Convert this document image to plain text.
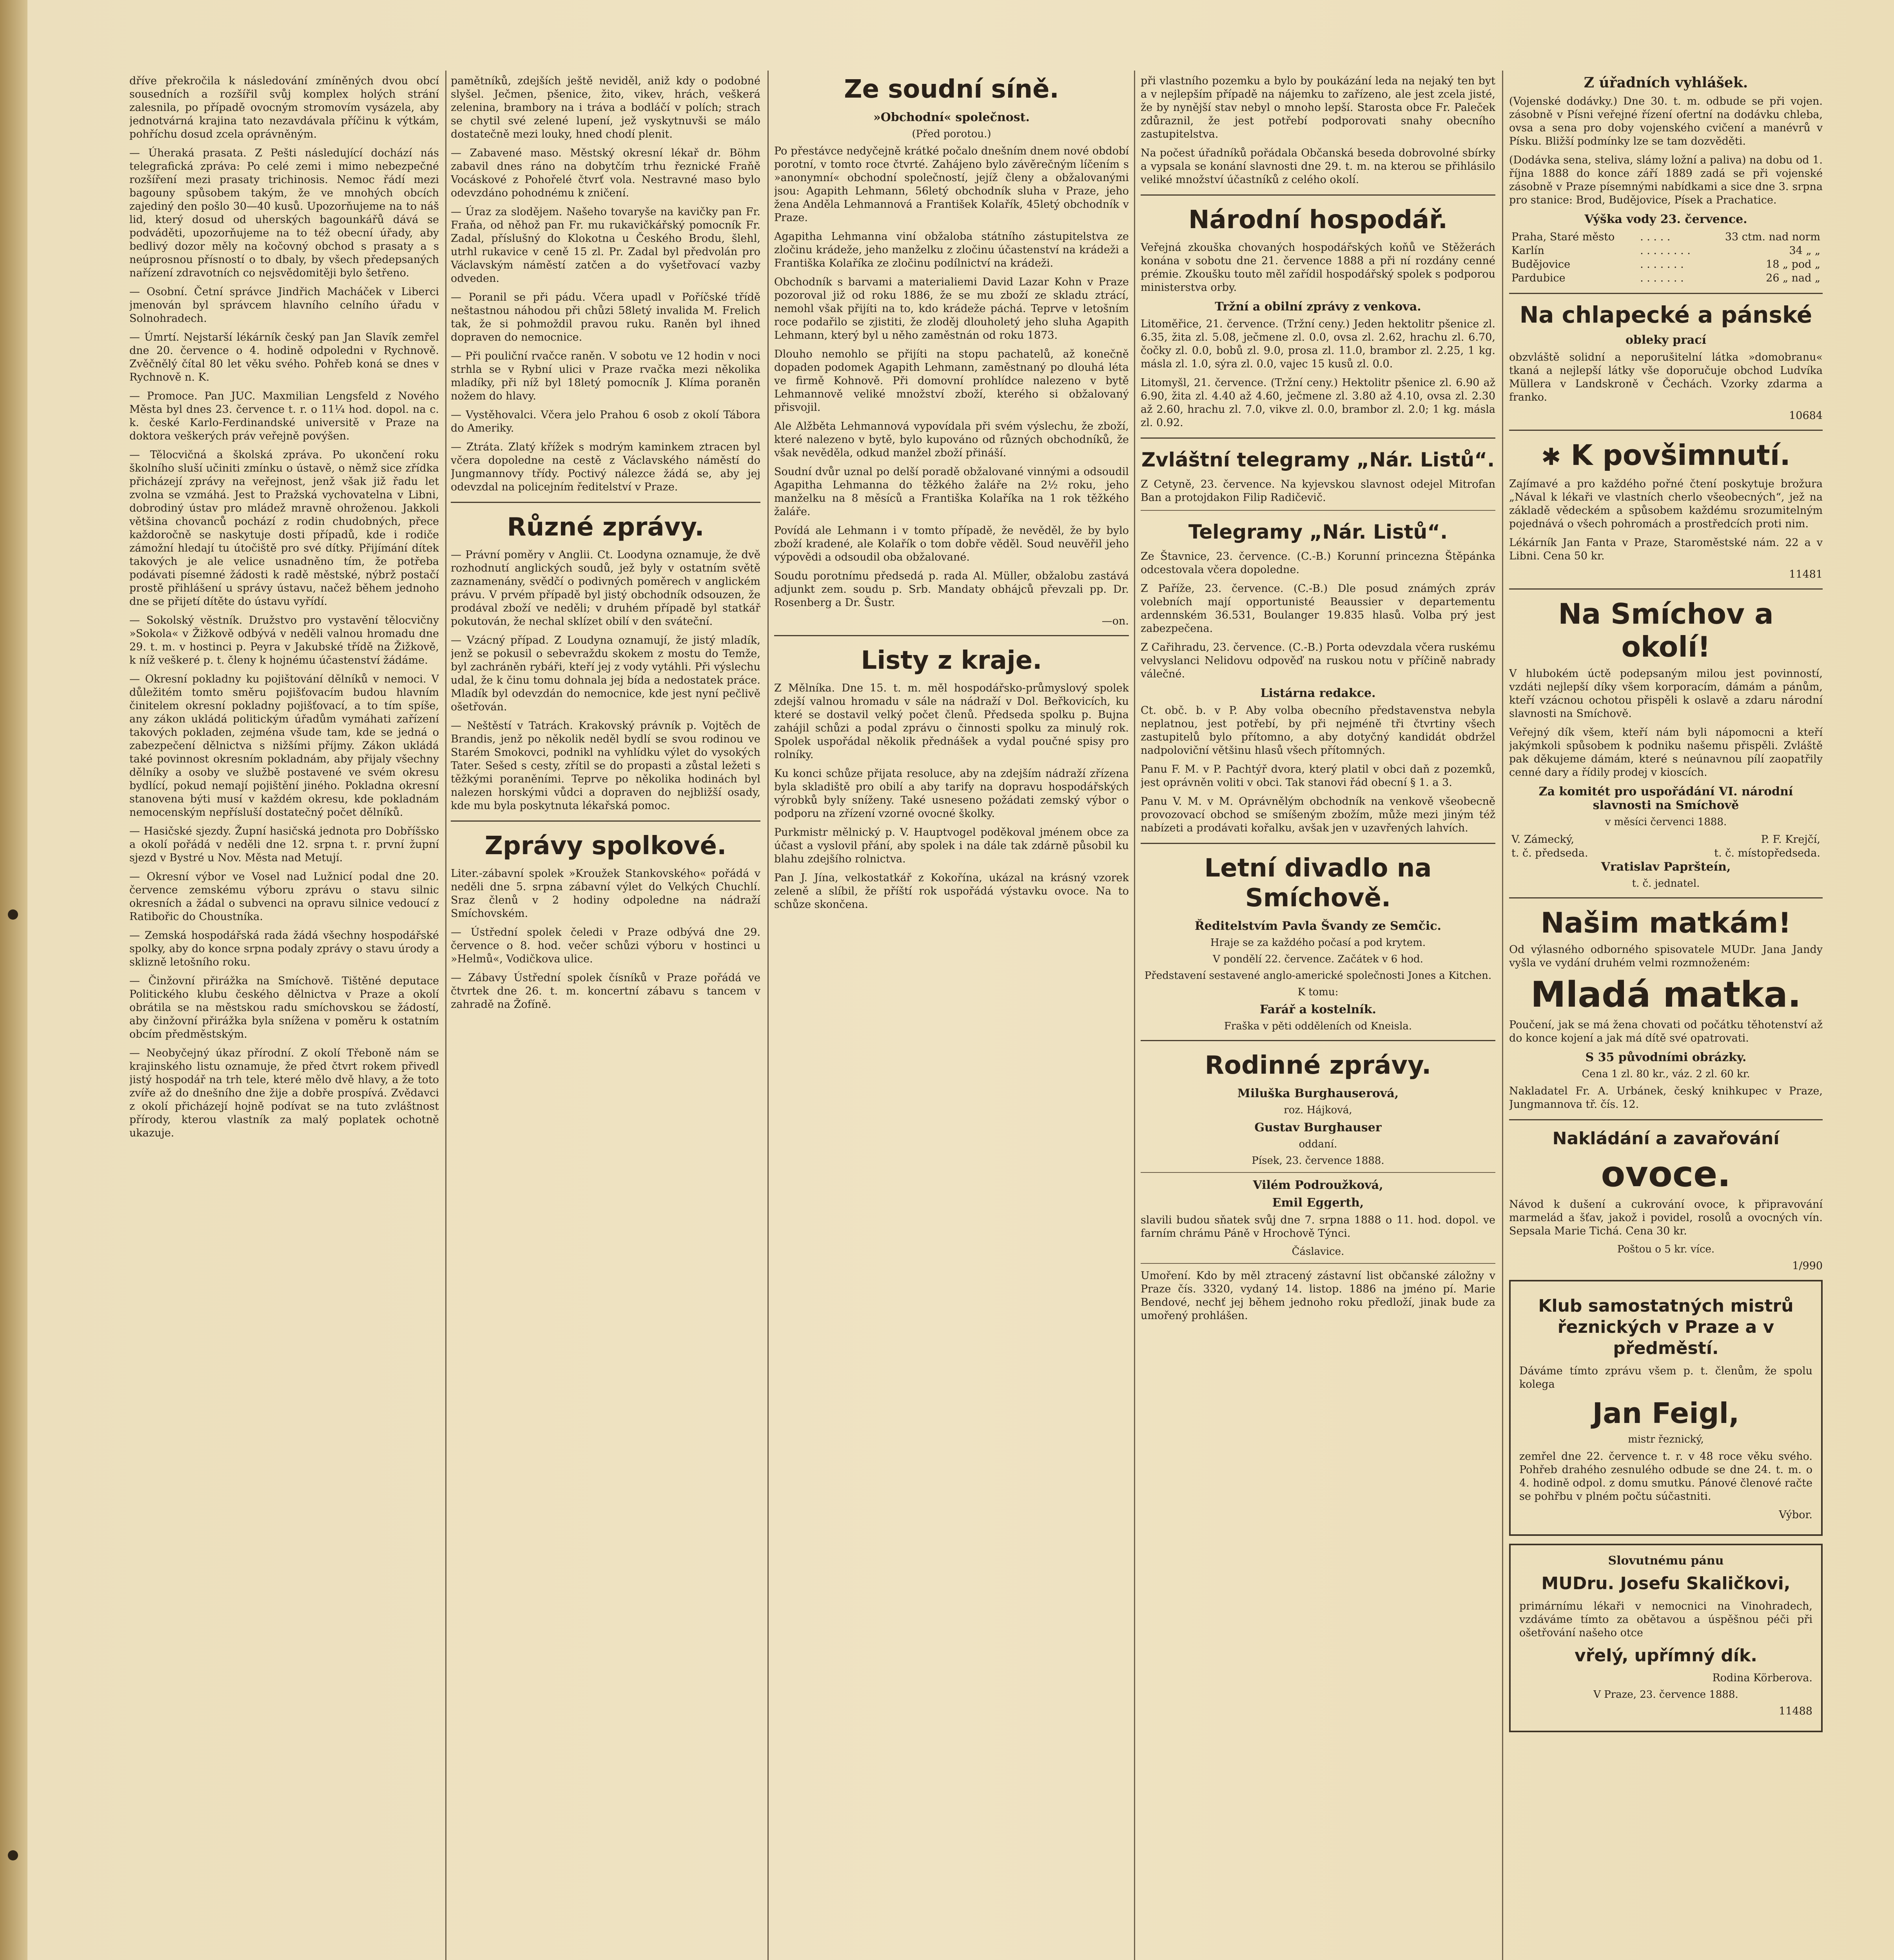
dříve překročila k následování zmíněných dvou obcí sousedních a rozšířil svůj komplex holých strání zalesnila, po případě ovocným stromovím vysázela, aby jednotvárná krajina tato nezavdávala příčinu k výtkám, pohříchu dosud zcela oprávněným.

— Úheraká prasata. Z Pešti následující dochází nás telegrafická zpráva: Po celé zemi i mimo nebezpečné rozšíření mezi prasaty trichinosis. Nemoc řádí mezi bagouny spůsobem takým, že ve mnohých obcích zajediný den pošlo 30—40 kusů. Upozorňujeme na to náš lid, který dosud od uherských bagounkářů dává se podváděti, upozorňujeme na to též obecní úřady, aby bedlivý dozor měly na kočovný obchod s prasaty a s neúprosnou přísností o to dbaly, by všech předepsaných nařízení zdravotních co nejsvědomitěji bylo šetřeno.

— Osobní. Četní správce Jindřich Macháček v Liberci jmenován byl správcem hlavního celního úřadu v Solnohradech.

— Úmrtí. Nejstarší lékárník český pan Jan Slavík zemřel dne 20. července o 4. hodině odpoledni v Rychnově. Zvěčnělý čítal 80 let věku svého. Pohřeb koná se dnes v Rychnově n. K.

— Promoce. Pan JUC. Maxmilian Lengsfeld z Nového Města byl dnes 23. července t. r. o 11¼ hod. dopol. na c. k. české Karlo-Ferdinandské universitě v Praze na doktora veškerých práv veřejně povýšen.

— Tělocvičná a školská zpráva. Po ukončení roku školního sluší učiniti zmínku o ústavě, o němž sice zřídka přicházejí zprávy na veřejnost, jenž však již řadu let zvolna se vzmáhá. Jest to Pražská vychovatelna v Libni, dobrodiný ústav pro mládež mravně ohroženou. Jakkoli většina chovanců pochází z rodin chudobných, přece každoročně se naskytuje dosti případů, kde i rodiče zámožní hledají tu útočiště pro své dítky. Přijímání dítek takových je ale velice usnadněno tím, že potřeba podávati písemné žádosti k radě městské, nýbrž postačí prostě přihlášení u správy ústavu, načež během jednoho dne se přijetí dítěte do ústavu vyřídí.

— Sokolský věstník. Družstvo pro vystavění tělocvičny »Sokola« v Žižkově odbývá v neděli valnou hromadu dne 29. t. m. v hostinci p. Peyra v Jakubské třídě na Žižkově, k níž veškeré p. t. členy k hojnému účastenství žádáme.

— Okresní pokladny ku pojištování dělníků v nemoci. V důležitém tomto směru pojišťovacím budou hlavním činitelem okresní pokladny pojišťovací, a to tím spíše, any zákon ukládá politickým úřadům vymáhati zařízení takových pokladen, zejména všude tam, kde se jedná o zabezpečení dělnictva s nižšími příjmy. Zákon ukládá také povinnost okresním pokladnám, aby přijaly všechny dělníky a osoby ve službě postavené ve svém okresu bydlící, pokud nemají pojištění jiného. Pokladna okresní stanovena býti musí v každém okresu, kde pokladnám nemocenským nepřísluší dostatečný počet dělníků.

— Hasičské sjezdy. Župní hasičská jednota pro Dobříšsko a okolí pořádá v neděli dne 12. srpna t. r. první župní sjezd v Bystré u Nov. Města nad Metují.

— Okresní výbor ve Vosel nad Lužnicí podal dne 20. července zemskému výboru zprávu o stavu silnic okresních a žádal o subvenci na opravu silnice vedoucí z Ratibořic do Choustníka.

— Zemská hospodářská rada žádá všechny hospodářské spolky, aby do konce srpna podaly zprávy o stavu úrody a sklizně letošního roku.

— Činžovní přirážka na Smíchově. Tištěné deputace Politického klubu českého dělnictva v Praze a okolí obrátila se na městskou radu smíchovskou se žádostí, aby činžovní přirážka byla snížena v poměru k ostatním obcím předměstským.

— Neobyčejný úkaz přírodní. Z okolí Třeboně nám se krajinského listu oznamuje, že před čtvrt rokem přivedl jistý hospodář na trh tele, které mělo dvě hlavy, a že toto zvíře až do dnešního dne žije a dobře prospívá. Zvědavci z okolí přicházejí hojně podívat se na tuto zvláštnost přírody, kterou vlastník za malý poplatek ochotně ukazuje.

pamětníků, zdejších ještě neviděl, aniž kdy o podobné slyšel. Ječmen, pšenice, žito, vikev, hrách, veškerá zelenina, brambory na i tráva a bodláčí v polích; strach se chytil své zelené lupení, jež vyskytnuvši se málo dostatečně mezi louky, hned chodí plenit.

— Zabavené maso. Městský okresní lékař dr. Böhm zabavil dnes ráno na dobytčím trhu řeznické Fraňě Vocáskové z Pohořelé čtvrť vola. Nestravné maso bylo odevzdáno pohodnému k zničení.

— Úraz za slodějem. Našeho tovaryše na kavičky pan Fr. Fraňa, od něhož pan Fr. mu rukavičkářský pomocník Fr. Zadal, příslušný do Klokotna u Českého Brodu, šlehl, utrhl rukavice v ceně 15 zl. Pr. Zadal byl předvolán pro Václavským náměstí zatčen a do vyšetřovací vazby odveden.

— Poranil se při pádu. Včera upadl v Poříčské třídě neštastnou náhodou při chůzi 58letý invalida M. Frelich tak, že si pohmoždil pravou ruku. Raněn byl ihned dopraven do nemocnice.

— Při pouliční rvačce raněn. V sobotu ve 12 hodin v noci strhla se v Rybní ulici v Praze rvačka mezi několika mladíky, při níž byl 18letý pomocník J. Klíma poraněn nožem do hlavy.

— Vystěhovalci. Včera jelo Prahou 6 osob z okolí Tábora do Ameriky.

— Ztráta. Zlatý křížek s modrým kaminkem ztracen byl včera dopoledne na cestě z Václavského náměstí do Jungmannovy třídy. Poctivý nálezce žádá se, aby jej odevzdal na policejním ředitelství v Praze.

Různé zprávy.

— Právní poměry v Anglii. Ct. Loodyna oznamuje, že dvě rozhodnutí anglických soudů, jež byly v ostatním světě zaznamenány, svědčí o podivných poměrech v anglickém právu. V prvém případě byl jistý obchodník odsouzen, že prodával zboží ve neděli; v druhém případě byl statkář pokutován, že nechal sklízet obilí v den sváteční.

— Vzácný případ. Z Loudyna oznamují, že jistý mladík, jenž se pokusil o sebevraždu skokem z mostu do Temže, byl zachráněn rybáři, kteří jej z vody vytáhli. Při výslechu udal, že k činu tomu dohnala jej bída a nedostatek práce. Mladík byl odevzdán do nemocnice, kde jest nyní pečlivě ošetřován.

— Neštěstí v Tatrách. Krakovský právník p. Vojtěch de Brandis, jenž po několik neděl bydlí se svou rodinou ve Starém Smokovci, podnikl na vyhlídku výlet do vysokých Tater. Sešed s cesty, zřítil se do propasti a zůstal ležeti s těžkými poraněními. Teprve po několika hodinách byl nalezen horskými vůdci a dopraven do nejbližší osady, kde mu byla poskytnuta lékařská pomoc.

Zprávy spolkové.

Liter.-zábavní spolek »Kroužek Stankovského« pořádá v neděli dne 5. srpna zábavní výlet do Velkých Chuchlí. Sraz členů v 2 hodiny odpoledne na nádraží Smíchovském.

— Ústřední spolek čeledi v Praze odbývá dne 29. července o 8. hod. večer schůzi výboru v hostinci u »Helmů«, Vodičkova ulice.

— Zábavy Ústřední spolek čísníků v Praze pořádá ve čtvrtek dne 26. t. m. koncertní zábavu s tancem v zahradě na Žofíně.

Ze soudní síně.
»Obchodní« společnost.
(Před porotou.)

Po přestávce nedyčejně krátké počalo dnešním dnem nové období porotní, v tomto roce čtvrté. Zahájeno bylo závěrečným líčením s »anonymní« obchodní společností, jejíž členy a obžalovanými jsou: Agapith Lehmann, 56letý obchodník sluha v Praze, jeho žena Anděla Lehmannová a František Kolařík, 45letý obchodník v Praze.

Agapitha Lehmanna viní obžaloba státního zástupitelstva ze zločinu krádeže, jeho manželku z zločinu účastenství na krádeži a Františka Kolaříka ze zločinu podílnictví na krádeži.

Obchodník s barvami a materialiemi David Lazar Kohn v Praze pozoroval již od roku 1886, že se mu zboží ze skladu ztrácí, nemohl však přijíti na to, kdo krádeže páchá. Teprve v letošním roce podařilo se zjistiti, že zloděj dlouholetý jeho sluha Agapith Lehmann, který byl u něho zaměstnán od roku 1873.

Dlouho nemohlo se přijíti na stopu pachatelů, až konečně dopaden podomek Agapith Lehmann, zaměstnaný po dlouhá léta ve firmě Kohnově. Při domovní prohlídce nalezeno v bytě Lehmannově veliké množství zboží, kterého si obžalovaný přisvojil.

Ale Alžběta Lehmannová vypovídala při svém výslechu, že zboží, které nalezeno v bytě, bylo kupováno od různých obchodníků, že však nevěděla, odkud manžel zboží přináší.

Soudní dvůr uznal po delší poradě obžalované vinnými a odsoudil Agapitha Lehmanna do těžkého žaláře na 2½ roku, jeho manželku na 8 měsíců a Františka Kolaříka na 1 rok těžkého žaláře.

Povídá ale Lehmann i v tomto případě, že nevěděl, že by bylo zboží kradené, ale Kolařík o tom dobře věděl. Soud neuvěřil jeho výpovědi a odsoudil oba obžalované.

Soudu porotnímu předsedá p. rada Al. Müller, obžalobu zastává adjunkt zem. soudu p. Srb. Mandaty obhájců převzali pp. Dr. Rosenberg a Dr. Šustr.

—on.
Listy z kraje.

Z Mělníka. Dne 15. t. m. měl hospodářsko-průmyslový spolek zdejší valnou hromadu v sále na nádraží v Dol. Beřkovicích, ku které se dostavil velký počet členů. Předseda spolku p. Bujna zahájil schůzi a podal zprávu o činnosti spolku za minulý rok. Spolek uspořádal několik přednášek a vydal poučné spisy pro rolníky.

Ku konci schůze přijata resoluce, aby na zdejším nádraží zřízena byla skladiště pro obilí a aby tarify na dopravu hospodářských výrobků byly sníženy. Také usneseno požádati zemský výbor o podporu na zřízení vzorné ovocné školky.

Purkmistr mělnický p. V. Hauptvogel poděkoval jménem obce za účast a vyslovil přání, aby spolek i na dále tak zdárně působil ku blahu zdejšího rolnictva.

Pan J. Jína, velkostatkář z Kokořína, ukázal na krásný vzorek zeleně a slíbil, že příští rok uspořádá výstavku ovoce. Na to schůze skončena.

při vlastního pozemku a bylo by poukázání leda na nejaký ten byt a v nejlepším případě na nájemku to zařízeno, ale jest zcela jisté, že by nynější stav nebyl o mnoho lepší. Starosta obce Fr. Paleček zdůraznil, že jest potřebí podporovati snahy obecního zastupitelstva.

Na počest úřadníků pořádala Občanská beseda dobrovolné sbírky a vypsala se konání slavnosti dne 29. t. m. na kterou se přihlásilo veliké množství účastníků z celého okolí.

Národní hospodář.

Veřejná zkouška chovaných hospodářských koňů ve Stěžerách konána v sobotu dne 21. července 1888 a při ní rozdány cenné prémie. Zkoušku touto měl zařídil hospodářský spolek s podporou ministerstva orby.

Tržní a obilní zprávy z venkova.

Litoměřice, 21. července. (Tržní ceny.) Jeden hektolitr pšenice zl. 6.35, žita zl. 5.08, ječmene zl. 0.0, ovsa zl. 2.62, hrachu zl. 6.70, čočky zl. 0.0, bobů zl. 9.0, prosa zl. 11.0, brambor zl. 2.25, 1 kg. másla zl. 1.0, sýra zl. 0.0, vajec 15 kusů zl. 0.0.

Litomyšl, 21. července. (Tržní ceny.) Hektolitr pšenice zl. 6.90 až 6.90, žita zl. 4.40 až 4.60, ječmene zl. 3.80 až 4.10, ovsa zl. 2.30 až 2.60, hrachu zl. 7.0, vikve zl. 0.0, brambor zl. 2.0; 1 kg. másla zl. 0.92.

Zvláštní telegramy „Nár. Listů“.

Z Cetyně, 23. července. Na kyjevskou slavnost odejel Mitrofan Ban a protojdakon Filip Radičevič.

Telegramy „Nár. Listů“.

Ze Štavnice, 23. července. (C.-B.) Korunní princezna Štěpánka odcestovala včera dopoledne.

Z Paříže, 23. července. (C.-B.) Dle posud známých zpráv volebních mají opportunisté Beaussier v departementu ardennském 36.531, Boulanger 19.835 hlasů. Volba prý jest zabezpečena.

Z Cařihradu, 23. července. (C.-B.) Porta odevzdala včera ruskému velvyslanci Nelidovu odpověď na ruskou notu v příčině nabrady válečné.

Listárna redakce.

Ct. obč. b. v P. Aby volba obecního představenstva nebyla neplatnou, jest potřebí, by při nejméně tři čtvrtiny všech zastupitelů bylo přítomno, a aby dotyčný kandidát obdržel nadpoloviční většinu hlasů všech přítomných.

Panu F. M. v P. Pachtýř dvora, který platil v obci daň z pozemků, jest oprávněn voliti v obci. Tak stanovi řád obecní § 1. a 3.

Panu V. M. v M. Oprávnělým obchodník na venkově všeobecně provozovací obchod se smíšeným zbožím, může mezi jiným též nabízeti a prodávati kořalku, avšak jen v uzavřených lahvích.

Letní divadlo na Smíchově.
Ředitelstvím Pavla Švandy ze Semčic.
Hraje se za každého počasí a pod krytem.
V pondělí 22. července. Začátek v 6 hod.
Představení sestavené anglo-americké společnosti Jones a Kitchen.
K tomu:
Farář a kostelník.
Fraška v pěti odděleních od Kneisla.
Rodinné zprávy.
Miluška Burghauserová,
roz. Hájková,
Gustav Burghauser
oddaní.
Písek, 23. července 1888.
Vilém Podroužková,
Emil Eggerth,

slavili budou sňatek svůj dne 7. srpna 1888 o 11. hod. dopol. ve farním chrámu Páně v Hrochově Týnci.

Čáslavice.

Umoření. Kdo by měl ztracený zástavní list občanské záložny v Praze čís. 3320, vydaný 14. listop. 1886 na jméno pí. Marie Bendové, nechť jej během jednoho roku předloží, jinak bude za umořený prohlášen.

Z úřadních vyhlášek.

(Vojenské dodávky.) Dne 30. t. m. odbude se při vojen. zásobně v Písni veřejné řízení ofertní na dodávku chleba, ovsa a sena pro doby vojenského cvičení a manévrů v Písku. Bližší podmínky lze se tam dozvěděti.

(Dodávka sena, steliva, slámy ložní a paliva) na dobu od 1. října 1888 do konce září 1889 zadá se při vojenské zásobně v Praze písemnými nabídkami a sice dne 3. srpna pro stanice: Brod, Budějovice, Písek a Prachatice.

Výška vody 23. července.
Praha, Staré město	. . . . .	33 ctm. nad norm
Karlín	. . . . . . . .	34 „ „
Budějovice	. . . . . . .	18 „ pod „
Pardubice	. . . . . . .	26 „ nad „
Na chlapecké a pánské
obleky prací

obzvláště solidní a neporušitelní látka »domobranu« tkaná a nejlepší látky vše doporučuje obchod Ludvíka Müllera v Landskroně v Čechách. Vzorky zdarma a franko.

10684
✱ K povšimnutí.

Zajímavé a pro každého pořné čtení poskytuje brožura „Nával k lékaři ve vlastních cherlo všeobecných“, jež na základě vědeckém a spůsobem každému srozumitelným pojednává o všech pohromách a prostředcích proti nim.

Lékárník Jan Fanta v Praze, Staroměstské nám. 22 a v Libni. Cena 50 kr.

11481
Na Smíchov a okolí!

V hlubokém úctě podepsaným milou jest povinností, vzdáti nejlepší díky všem korporacím, dámám a pánům, kteří vzácnou ochotou přispěli k oslavě a zdaru národní slavnosti na Smíchově.

Veřejný dík všem, kteří nám byli nápomocni a kteří jakýmkoli spůsobem k podniku našemu přispěli. Zvláště pak děkujeme dámám, které s neúnavnou pílí zaopatřily cenné dary a řídily prodej v kioscích.

Za komitét pro uspořádání VI. národní slavnosti na Smíchově
v měsíci červenci 1888.
V. Zámecký,	P. F. Krejčí,
t. č. předseda.	t. č. místopředseda.
Vratislav Papršteín,
t. č. jednatel.
Našim matkám!

Od výlasného odborného spisovatele MUDr. Jana Jandy vyšla ve vydání druhém velmi rozmnoženém:

Mladá matka.

Poučení, jak se má žena chovati od počátku těhotenství až do konce kojení a jak má dítě své opatrovati.

S 35 původními obrázky.
Cena 1 zl. 80 kr., váz. 2 zl. 60 kr.

Nakladatel Fr. A. Urbánek, český knihkupec v Praze, Jungmannova tř. čís. 12.

Nakládání a zavařování
ovoce.

Návod k dušení a cukrování ovoce, k připravování marmelád a šťav, jakož i povidel, rosolů a ovocných vín. Sepsala Marie Tichá. Cena 30 kr.

Poštou o 5 kr. více.
1/990
Klub samostatných mistrů řeznických v Praze a v předměstí.

Dáváme tímto zprávu všem p. t. členům, že spolu kolega

Jan Feigl,
mistr řeznický,

zemřel dne 22. července t. r. v 48 roce věku svého. Pohřeb drahého zesnulého odbude se dne 24. t. m. o 4. hodině odpol. z domu smutku. Pánové členové račte se pohřbu v plném počtu súčastniti.

Výbor.
Slovutnému pánu
MUDru. Josefu Skaličkovi,

primárnímu lékaři v nemocnici na Vinohradech, vzdáváme tímto za obětavou a úspěšnou péči při ošetřování našeho otce

vřelý, upřímný dík.
Rodina Körberova.
V Praze, 23. července 1888.
11488
